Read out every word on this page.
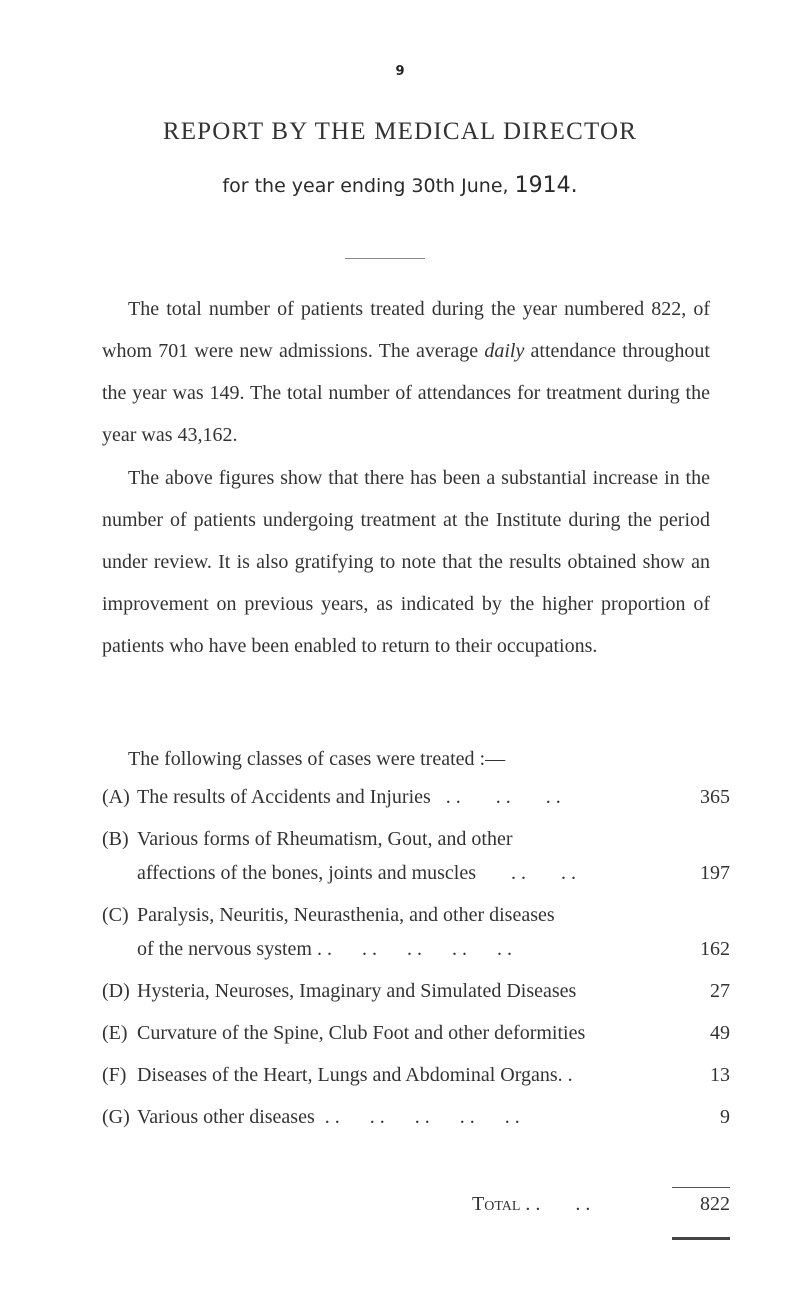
9
REPORT BY THE MEDICAL DIRECTOR
for the year ending 30th June, 1914.

The total number of patients treated during the year numbered 822, of whom 701 were new admissions. The average daily attendance throughout the year was 149. The total number of attendances for treatment during the year was 43,162.

The above figures show that there has been a substantial increase in the number of patients undergoing treatment at the Institute during the period under review. It is also gratifying to note that the results obtained show an improvement on previous years, as indicated by the higher proportion of patients who have been enabled to return to their occupations.

The following classes of cases were treated :—

(A) The results of Accidents and Injuries   . .       . .       . .	365
(B) Various forms of Rheumatism, Gout, and other
affections of the bones, joints and muscles       . .       . .	197
(C) Paralysis, Neuritis, Neurasthenia, and other diseases
of the nervous system . .      . .      . .      . .      . .	162
(D) Hysteria, Neuroses, Imaginary and Simulated Diseases	27
(E) Curvature of the Spine, Club Foot and other deformities	49
(F) Diseases of the Heart, Lungs and Abdominal Organs. .	13
(G) Various other diseases  . .      . .      . .      . .      . .	9
Total . .       . .	822
